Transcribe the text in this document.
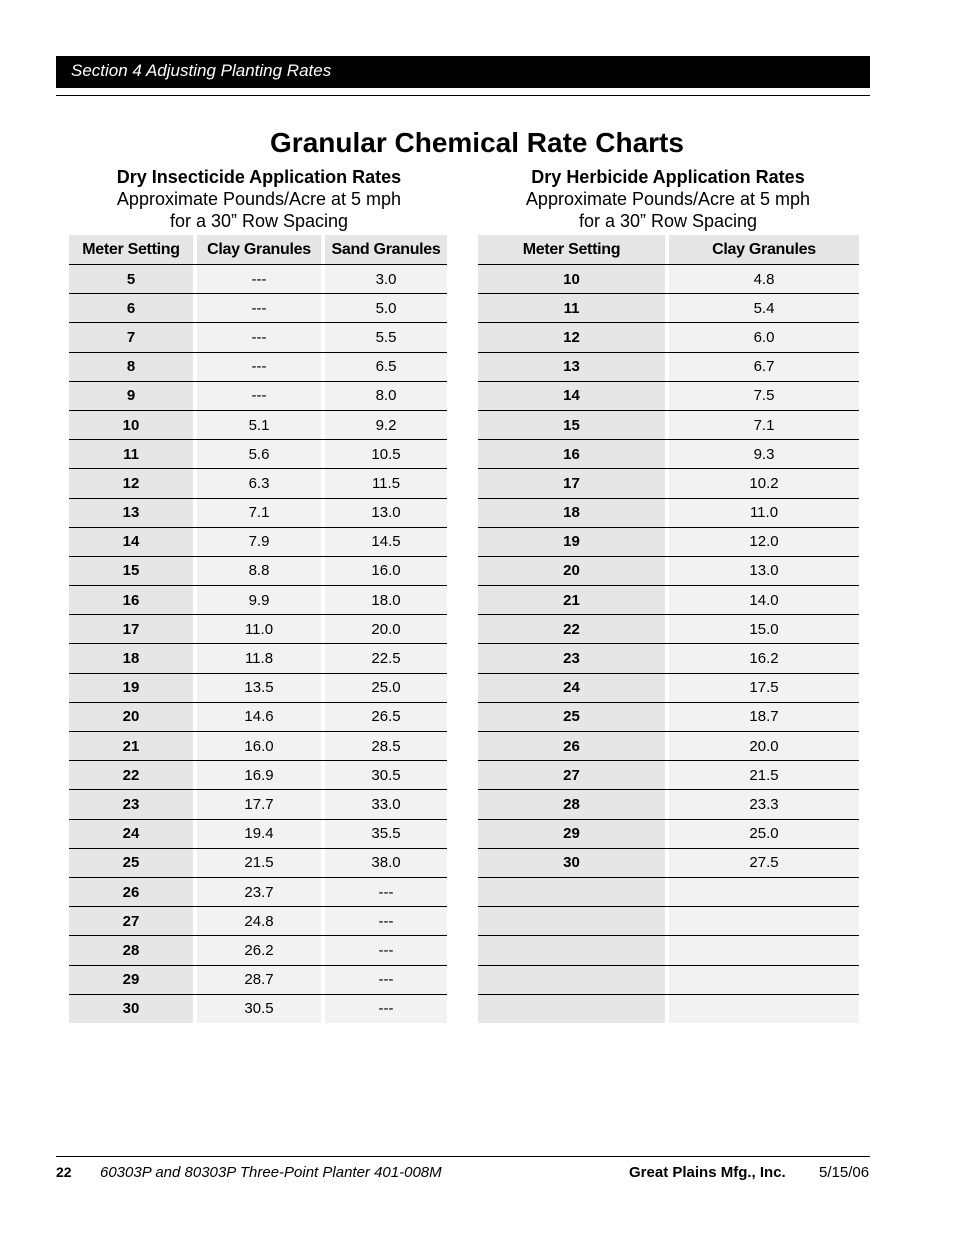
Section 4 Adjusting Planting Rates
Granular Chemical Rate Charts
Dry Insecticide Application Rates
Approximate Pounds/Acre at 5 mph
for a 30” Row Spacing
Dry Herbicide Application Rates
Approximate Pounds/Acre at 5 mph
for a 30” Row Spacing
Meter Setting	Clay Granules	Sand Granules
5	---	3.0
6	---	5.0
7	---	5.5
8	---	6.5
9	---	8.0
10	5.1	9.2
11	5.6	10.5
12	6.3	11.5
13	7.1	13.0
14	7.9	14.5
15	8.8	16.0
16	9.9	18.0
17	11.0	20.0
18	11.8	22.5
19	13.5	25.0
20	14.6	26.5
21	16.0	28.5
22	16.9	30.5
23	17.7	33.0
24	19.4	35.5
25	21.5	38.0
26	23.7	---
27	24.8	---
28	26.2	---
29	28.7	---
30	30.5	---
Meter Setting	Clay Granules
10	4.8
11	5.4
12	6.0
13	6.7
14	7.5
15	7.1
16	9.3
17	10.2
18	11.0
19	12.0
20	13.0
21	14.0
22	15.0
23	16.2
24	17.5
25	18.7
26	20.0
27	21.5
28	23.3
29	25.0
30	27.5
22 60303P and 80303P Three-Point Planter 401-008M	Great Plains Mfg., Inc. 5/15/06
